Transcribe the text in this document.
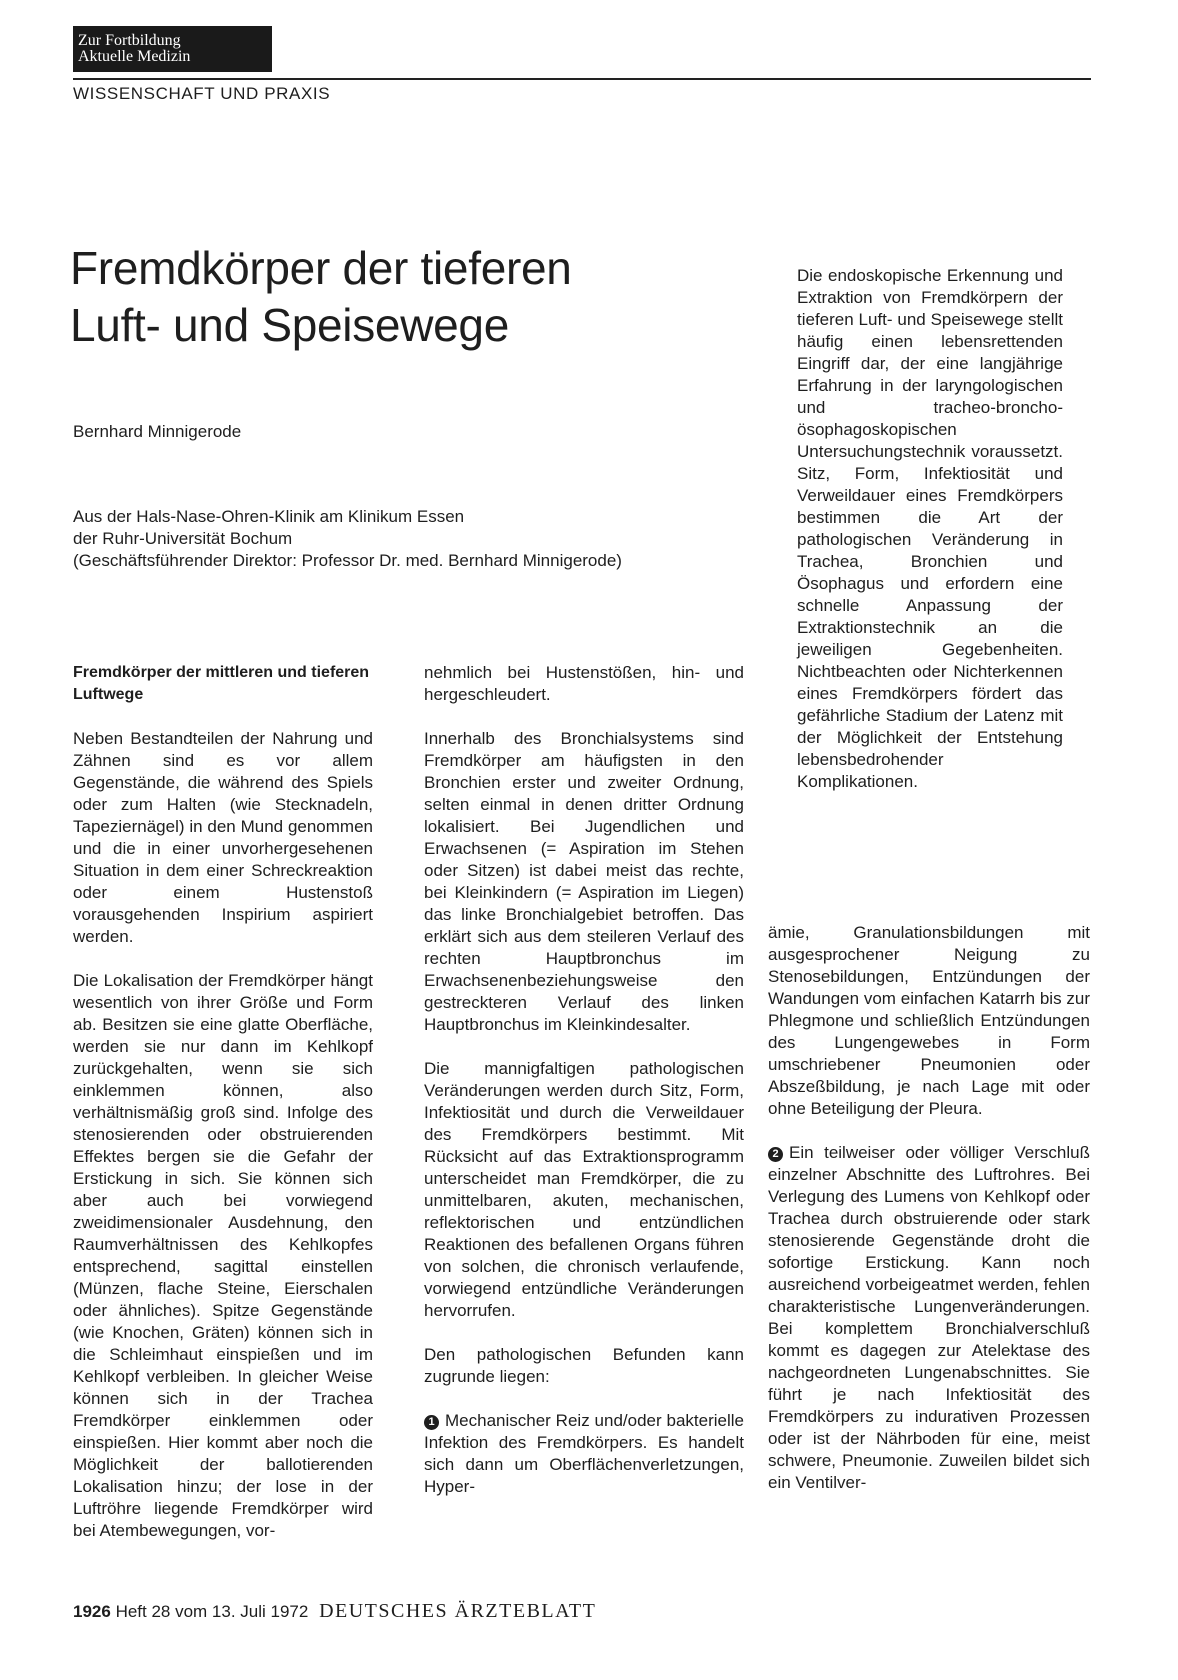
Zur Fortbildung
Aktuelle Medizin
WISSENSCHAFT UND PRAXIS
Fremdkörper der tieferen
Luft- und Speisewege
Bernhard Minnigerode
Aus der Hals-Nase-Ohren-Klinik am Klinikum Essen
der Ruhr-Universität Bochum
(Geschäftsführender Direktor: Professor Dr. med. Bernhard Minnigerode)
Die endoskopische Erkennung und Extraktion von Fremdkörpern der tieferen Luft- und Speisewege stellt häufig einen lebensrettenden Eingriff dar, der eine langjährige Erfahrung in der laryngologischen und tracheo-broncho-ösophagoskopischen Untersuchungstechnik voraussetzt. Sitz, Form, Infektiosität und Verweildauer eines Fremdkörpers bestimmen die Art der pathologischen Veränderung in Trachea, Bronchien und Ösophagus und erfordern eine schnelle Anpassung der Extraktionstechnik an die jeweiligen Gegebenheiten. Nichtbeachten oder Nichterkennen eines Fremdkörpers fördert das gefährliche Stadium der Latenz mit der Möglichkeit der Entstehung lebensbedrohender Komplikationen.

Fremdkörper der mittleren und tieferen Luftwege

Neben Bestandteilen der Nahrung und Zähnen sind es vor allem Gegenstände, die während des Spiels oder zum Halten (wie Stecknadeln, Tapeziernägel) in den Mund genommen und die in einer unvorhergesehenen Situation in dem einer Schreckreaktion oder einem Hustenstoß vorausgehenden Inspirium aspiriert werden.

Die Lokalisation der Fremdkörper hängt wesentlich von ihrer Größe und Form ab. Besitzen sie eine glatte Oberfläche, werden sie nur dann im Kehlkopf zurückgehalten, wenn sie sich einklemmen können, also verhältnismäßig groß sind. Infolge des stenosierenden oder obstruierenden Effektes bergen sie die Gefahr der Erstickung in sich. Sie können sich aber auch bei vorwiegend zweidimensionaler Ausdehnung, den Raumverhältnissen des Kehlkopfes entsprechend, sagittal einstellen (Münzen, flache Steine, Eierschalen oder ähnliches). Spitze Gegenstände (wie Knochen, Gräten) können sich in die Schleimhaut einspießen und im Kehlkopf verbleiben. In gleicher Weise können sich in der Trachea Fremdkörper einklemmen oder einspießen. Hier kommt aber noch die Möglichkeit der ballotierenden Lokalisation hinzu; der lose in der Luftröhre liegende Fremdkörper wird bei Atembewegungen, vor-

nehmlich bei Hustenstößen, hin- und hergeschleudert.

Innerhalb des Bronchialsystems sind Fremdkörper am häufigsten in den Bronchien erster und zweiter Ordnung, selten einmal in denen dritter Ordnung lokalisiert. Bei Jugendlichen und Erwachsenen (= Aspiration im Stehen oder Sitzen) ist dabei meist das rechte, bei Kleinkindern (= Aspiration im Liegen) das linke Bronchialgebiet betroffen. Das erklärt sich aus dem steileren Verlauf des rechten Hauptbronchus im Erwachsenenbeziehungsweise den gestreckteren Verlauf des linken Hauptbronchus im Kleinkindesalter.

Die mannigfaltigen pathologischen Veränderungen werden durch Sitz, Form, Infektiosität und durch die Verweildauer des Fremdkörpers bestimmt. Mit Rücksicht auf das Extraktionsprogramm unterscheidet man Fremdkörper, die zu unmittelbaren, akuten, mechanischen, reflektorischen und entzündlichen Reaktionen des befallenen Organs führen von solchen, die chronisch verlaufende, vorwiegend entzündliche Veränderungen hervorrufen.

Den pathologischen Befunden kann zugrunde liegen:

1 Mechanischer Reiz und/oder bakterielle Infektion des Fremdkörpers. Es handelt sich dann um Oberflächenverletzungen, Hyper-

ämie, Granulationsbildungen mit ausgesprochener Neigung zu Stenosebildungen, Entzündungen der Wandungen vom einfachen Katarrh bis zur Phlegmone und schließlich Entzündungen des Lungengewebes in Form umschriebener Pneumonien oder Abszeßbildung, je nach Lage mit oder ohne Beteiligung der Pleura.

2 Ein teilweiser oder völliger Verschluß einzelner Abschnitte des Luftrohres. Bei Verlegung des Lumens von Kehlkopf oder Trachea durch obstruierende oder stark stenosierende Gegenstände droht die sofortige Erstickung. Kann noch ausreichend vorbeigeatmet werden, fehlen charakteristische Lungenveränderungen. Bei komplettem Bronchialverschluß kommt es dagegen zur Atelektase des nachgeordneten Lungenabschnittes. Sie führt je nach Infektiosität des Fremdkörpers zu indurativen Prozessen oder ist der Nährboden für eine, meist schwere, Pneumonie. Zuweilen bildet sich ein Ventilver-

1926 Heft 28 vom 13. Juli 1972 DEUTSCHES ÄRZTEBLATT
